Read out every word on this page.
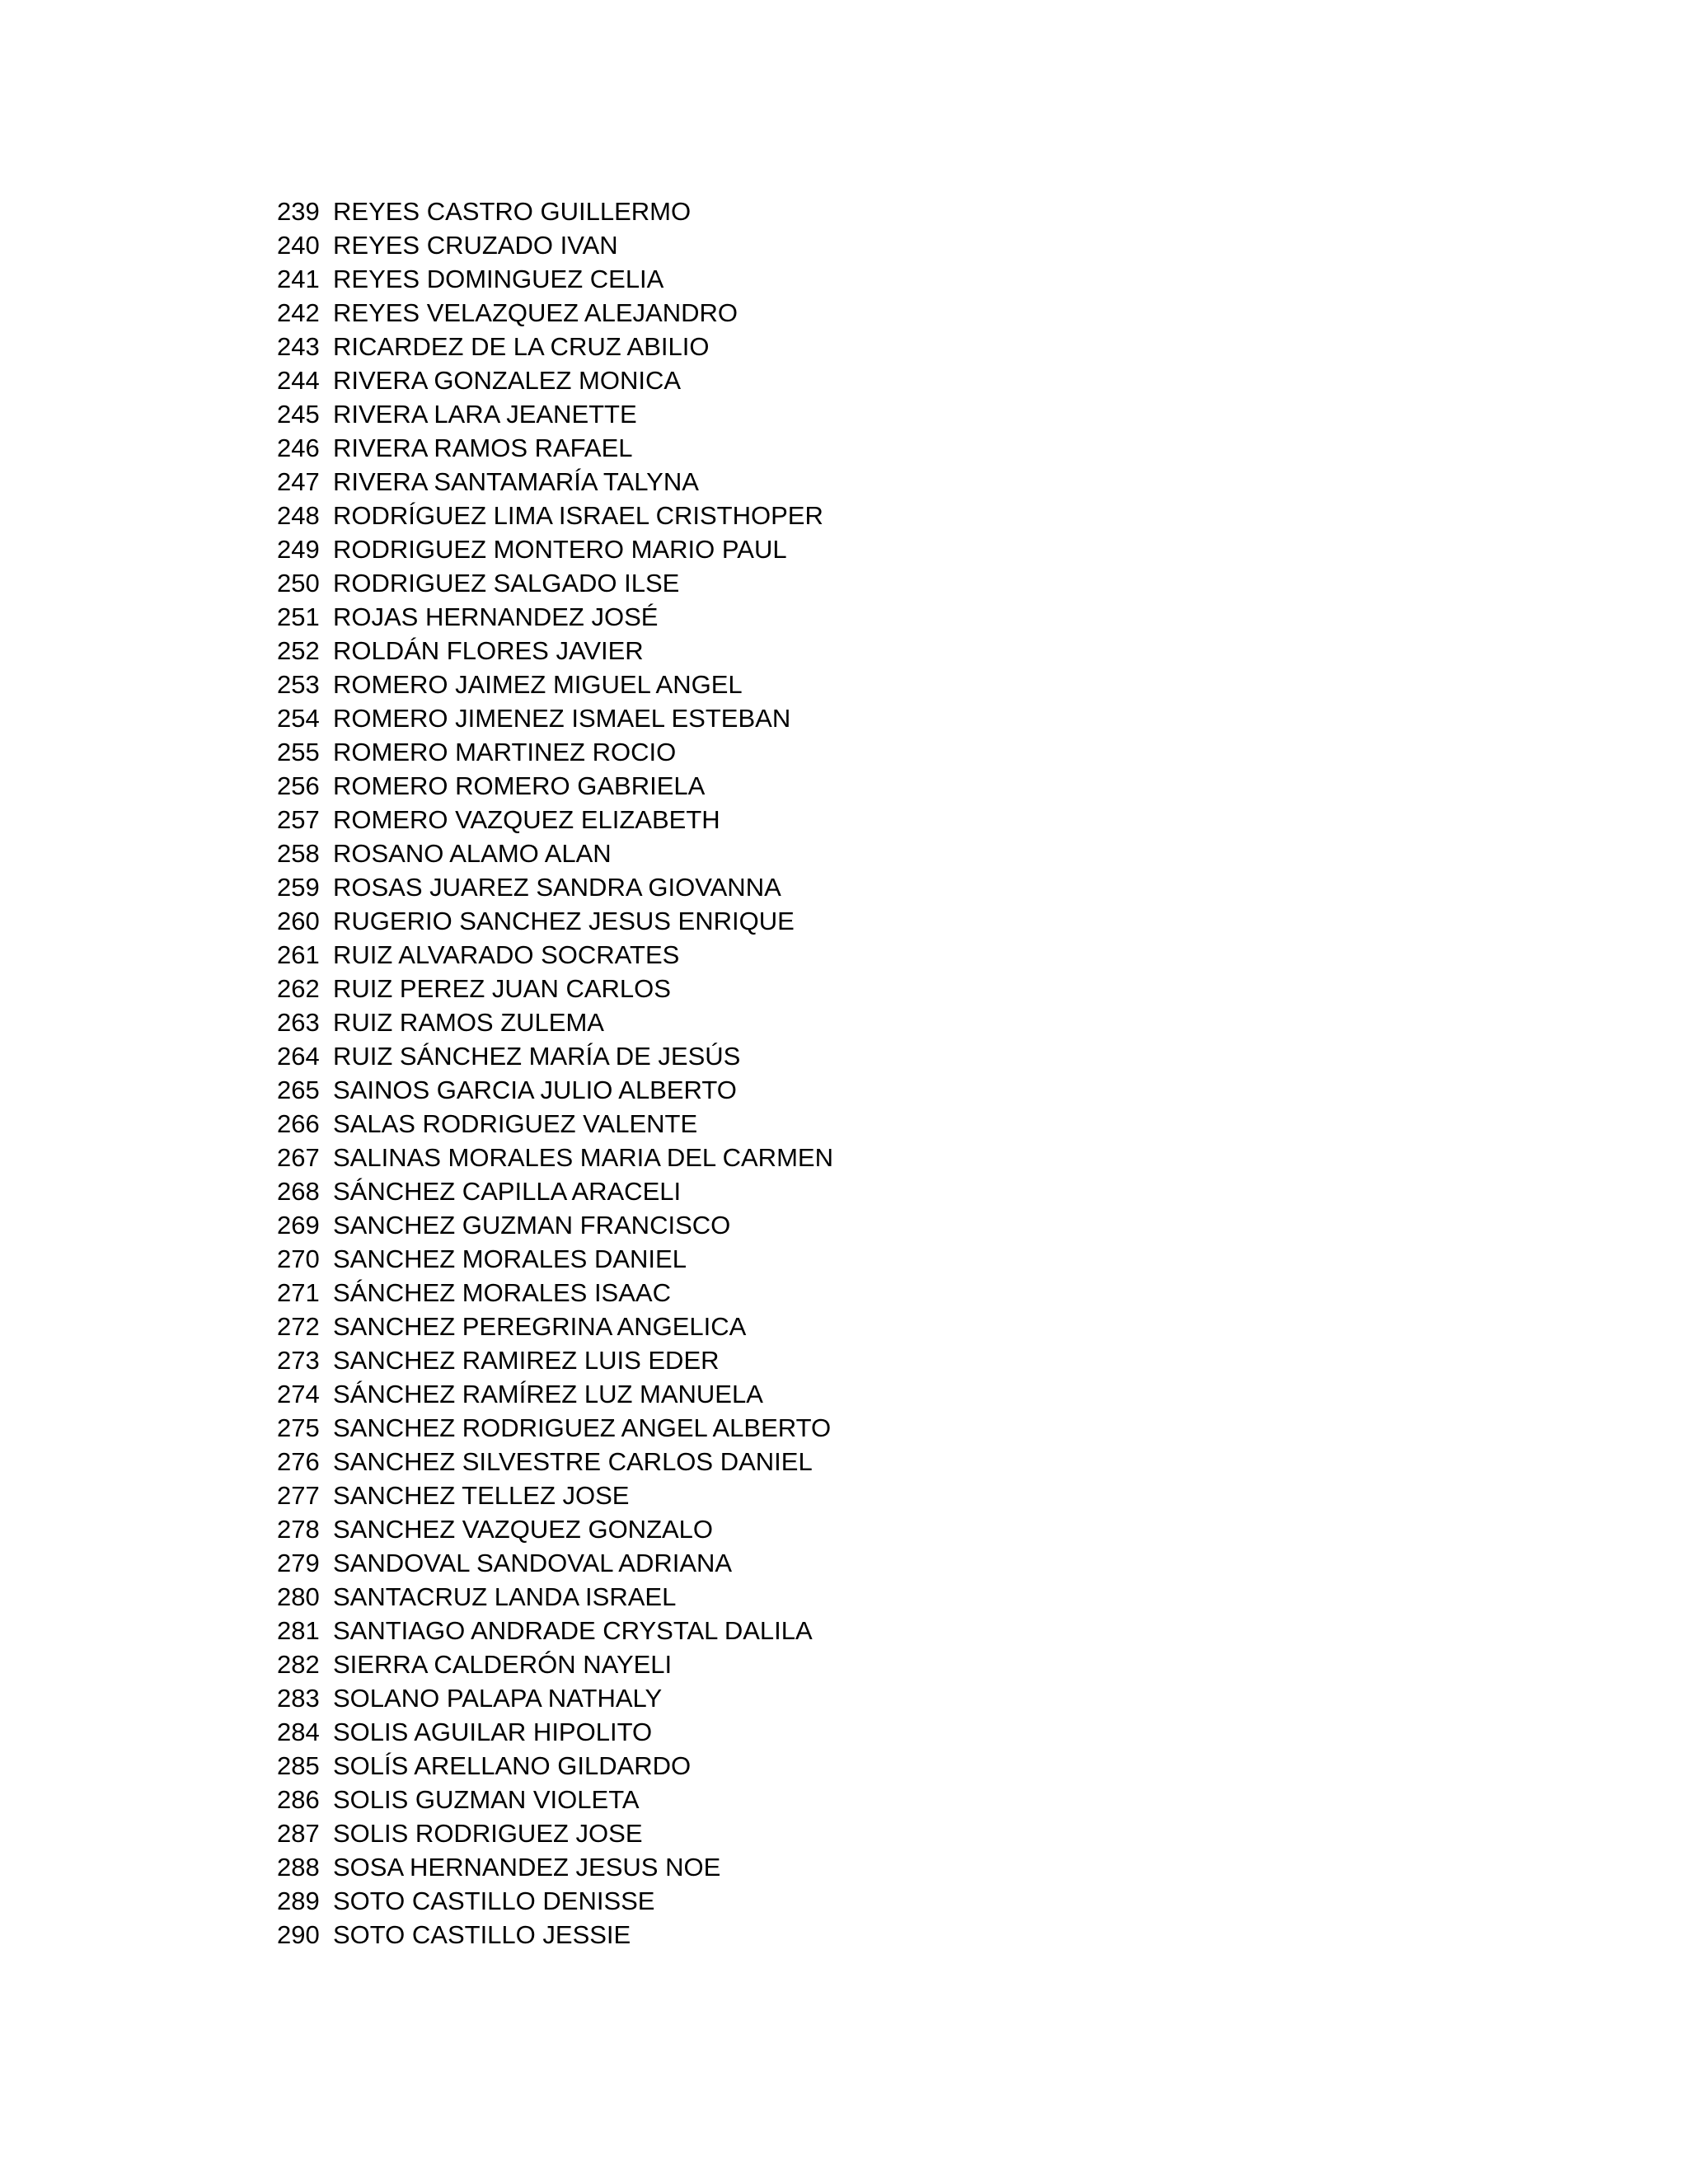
239 REYES CASTRO GUILLERMO
240 REYES CRUZADO IVAN
241 REYES DOMINGUEZ CELIA
242 REYES VELAZQUEZ ALEJANDRO
243 RICARDEZ DE LA CRUZ ABILIO
244 RIVERA GONZALEZ MONICA
245 RIVERA LARA JEANETTE
246 RIVERA RAMOS RAFAEL
247 RIVERA SANTAMARÍA TALYNA
248 RODRÍGUEZ LIMA ISRAEL CRISTHOPER
249 RODRIGUEZ MONTERO MARIO PAUL
250 RODRIGUEZ SALGADO ILSE
251 ROJAS HERNANDEZ JOSÉ
252 ROLDÁN FLORES JAVIER
253 ROMERO JAIMEZ MIGUEL ANGEL
254 ROMERO JIMENEZ ISMAEL ESTEBAN
255 ROMERO MARTINEZ ROCIO
256 ROMERO ROMERO GABRIELA
257 ROMERO VAZQUEZ ELIZABETH
258 ROSANO ALAMO ALAN
259 ROSAS JUAREZ SANDRA GIOVANNA
260 RUGERIO SANCHEZ JESUS ENRIQUE
261 RUIZ ALVARADO SOCRATES
262 RUIZ PEREZ JUAN CARLOS
263 RUIZ RAMOS ZULEMA
264 RUIZ SÁNCHEZ MARÍA DE JESÚS
265 SAINOS GARCIA JULIO ALBERTO
266 SALAS RODRIGUEZ VALENTE
267 SALINAS MORALES MARIA DEL CARMEN
268 SÁNCHEZ CAPILLA ARACELI
269 SANCHEZ GUZMAN FRANCISCO
270 SANCHEZ MORALES DANIEL
271 SÁNCHEZ MORALES ISAAC
272 SANCHEZ PEREGRINA ANGELICA
273 SANCHEZ RAMIREZ LUIS EDER
274 SÁNCHEZ RAMÍREZ LUZ MANUELA
275 SANCHEZ RODRIGUEZ ANGEL ALBERTO
276 SANCHEZ SILVESTRE CARLOS DANIEL
277 SANCHEZ TELLEZ JOSE
278 SANCHEZ VAZQUEZ GONZALO
279 SANDOVAL SANDOVAL ADRIANA
280 SANTACRUZ LANDA ISRAEL
281 SANTIAGO ANDRADE CRYSTAL DALILA
282 SIERRA CALDERÓN NAYELI
283 SOLANO PALAPA NATHALY
284 SOLIS AGUILAR HIPOLITO
285 SOLÍS ARELLANO GILDARDO
286 SOLIS GUZMAN VIOLETA
287 SOLIS RODRIGUEZ JOSE
288 SOSA HERNANDEZ JESUS NOE
289 SOTO CASTILLO DENISSE
290 SOTO CASTILLO JESSIE
